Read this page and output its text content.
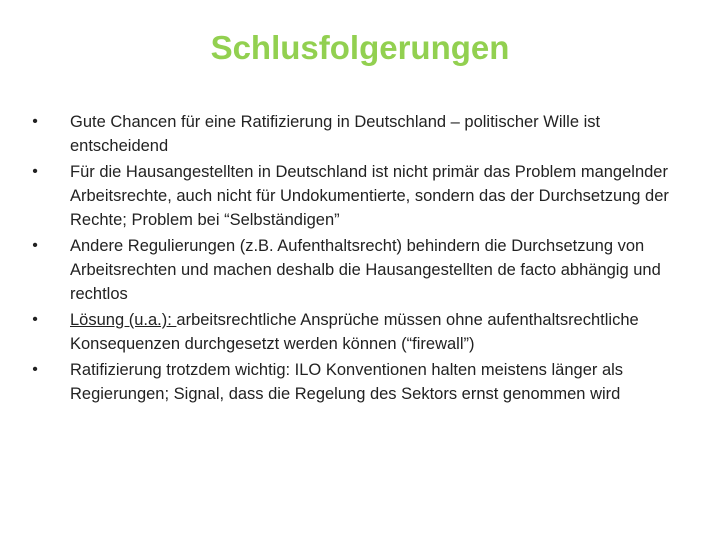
Schlusfolgerungen
• Gute Chancen für eine Ratifizierung in Deutschland – politischer Wille ist entscheidend
• Für die Hausangestellten in Deutschland ist nicht primär das Problem mangelnder Arbeitsrechte, auch nicht für Undokumentierte, sondern das der Durchsetzung der Rechte; Problem bei “Selbständigen”
• Andere Regulierungen (z.B. Aufenthaltsrecht) behindern die Durchsetzung von Arbeitsrechten und machen deshalb die Hausangestellten de facto abhängig und rechtlos
• Lösung (u.a.): arbeitsrechtliche Ansprüche müssen ohne aufenthaltsrechtliche Konsequenzen durchgesetzt werden können (“firewall”)
• Ratifizierung trotzdem wichtig: ILO Konventionen halten meistens länger als Regierungen; Signal, dass die Regelung des Sektors ernst genommen wird
